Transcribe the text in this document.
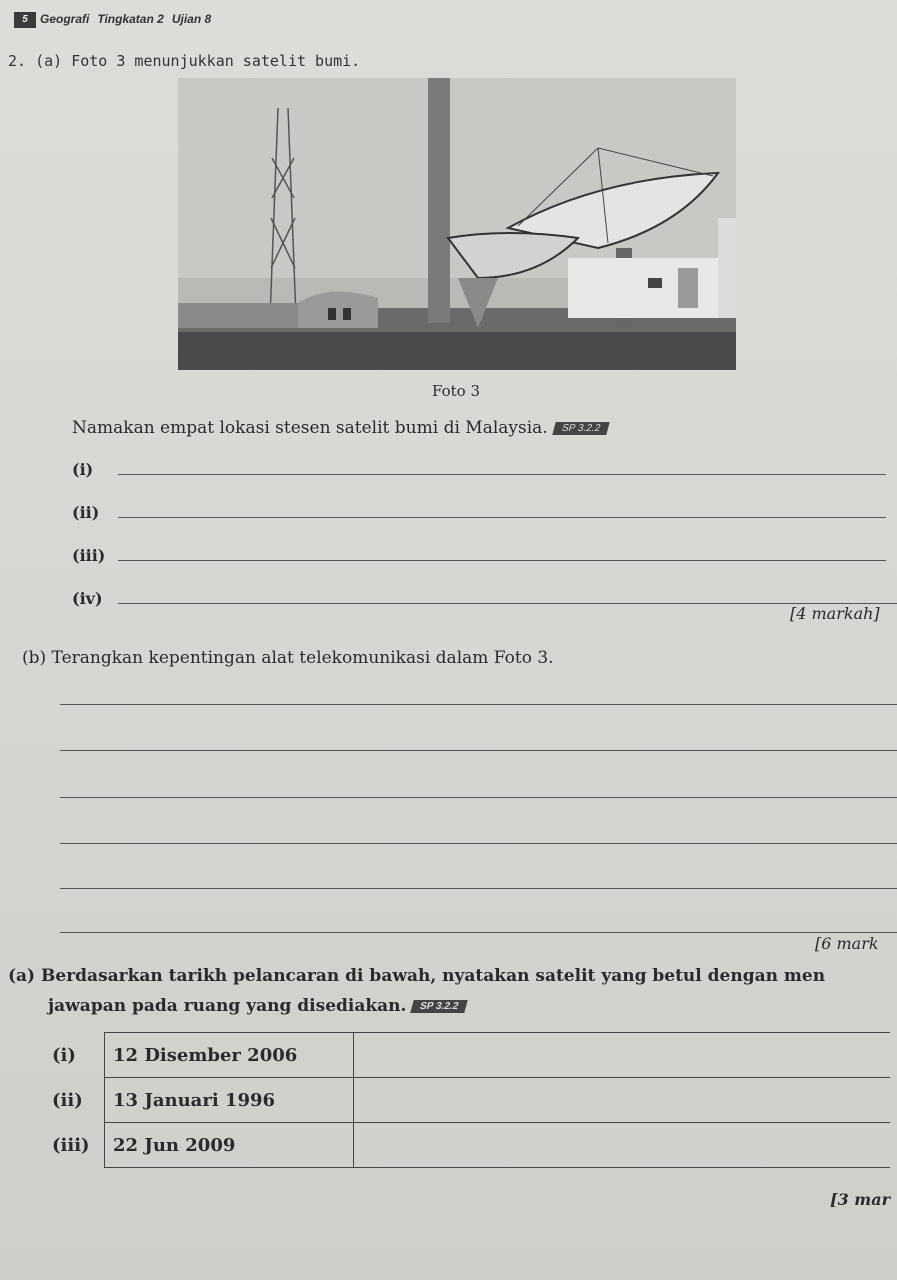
5 Geografi Tingkatan 2 Ujian 8
2. (a) Foto 3 menunjukkan satelit bumi.
Foto 3
Namakan empat lokasi stesen satelit bumi di Malaysia. SP 3.2.2
(i)
(ii)
(iii)
(iv)
[4 markah]
(b) Terangkan kepentingan alat telekomunikasi dalam Foto 3.
[6 mark
(a) Berdasarkan tarikh pelancaran di bawah, nyatakan satelit yang betul dengan men
jawapan pada ruang yang disediakan. SP 3.2.2
(i)	12 Disember 2006	
(ii)	13 Januari 1996	
(iii)	22 Jun 2009	
[3 mar
